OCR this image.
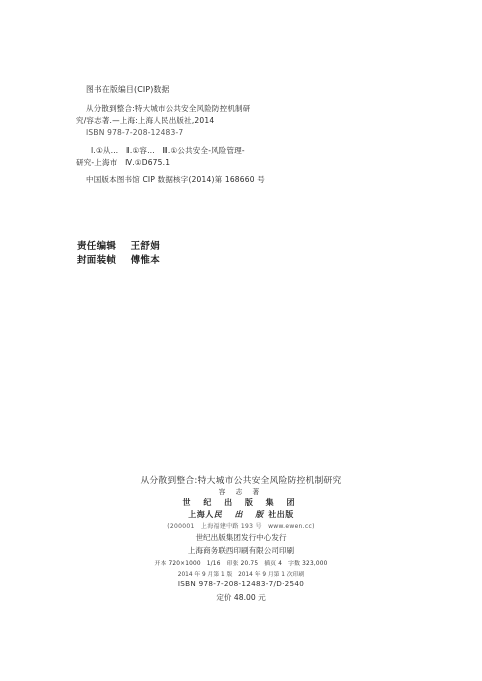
图书在版编目(CIP)数据
从分散到整合:特大城市公共安全风险防控机制研
究/容志著.—上海:上海人民出版社,2014
ISBN 978-7-208-12483-7
Ⅰ.①从…　Ⅱ.①容…　Ⅲ.①公共安全-风险管理-
研究-上海市　Ⅳ.①D675.1
中国版本图书馆 CIP 数据核字(2014)第 168660 号
责任编辑 王舒娟
封面装帧 傅惟本
从分散到整合:特大城市公共安全风险防控机制研究
容 志 著
世 纪 出 版 集 团
上海人民 出 版社出版
(200001　上海福建中路 193 号　www.ewen.cc)
世纪出版集团发行中心发行
上海商务联西印刷有限公司印刷
开本 720×1000　1/16　印张 20.75　插页 4　字数 323,000
2014 年 9 月第 1 版　2014 年 9 月第 1 次印刷
ISBN 978-7-208-12483-7/D·2540
定价 48.00 元
